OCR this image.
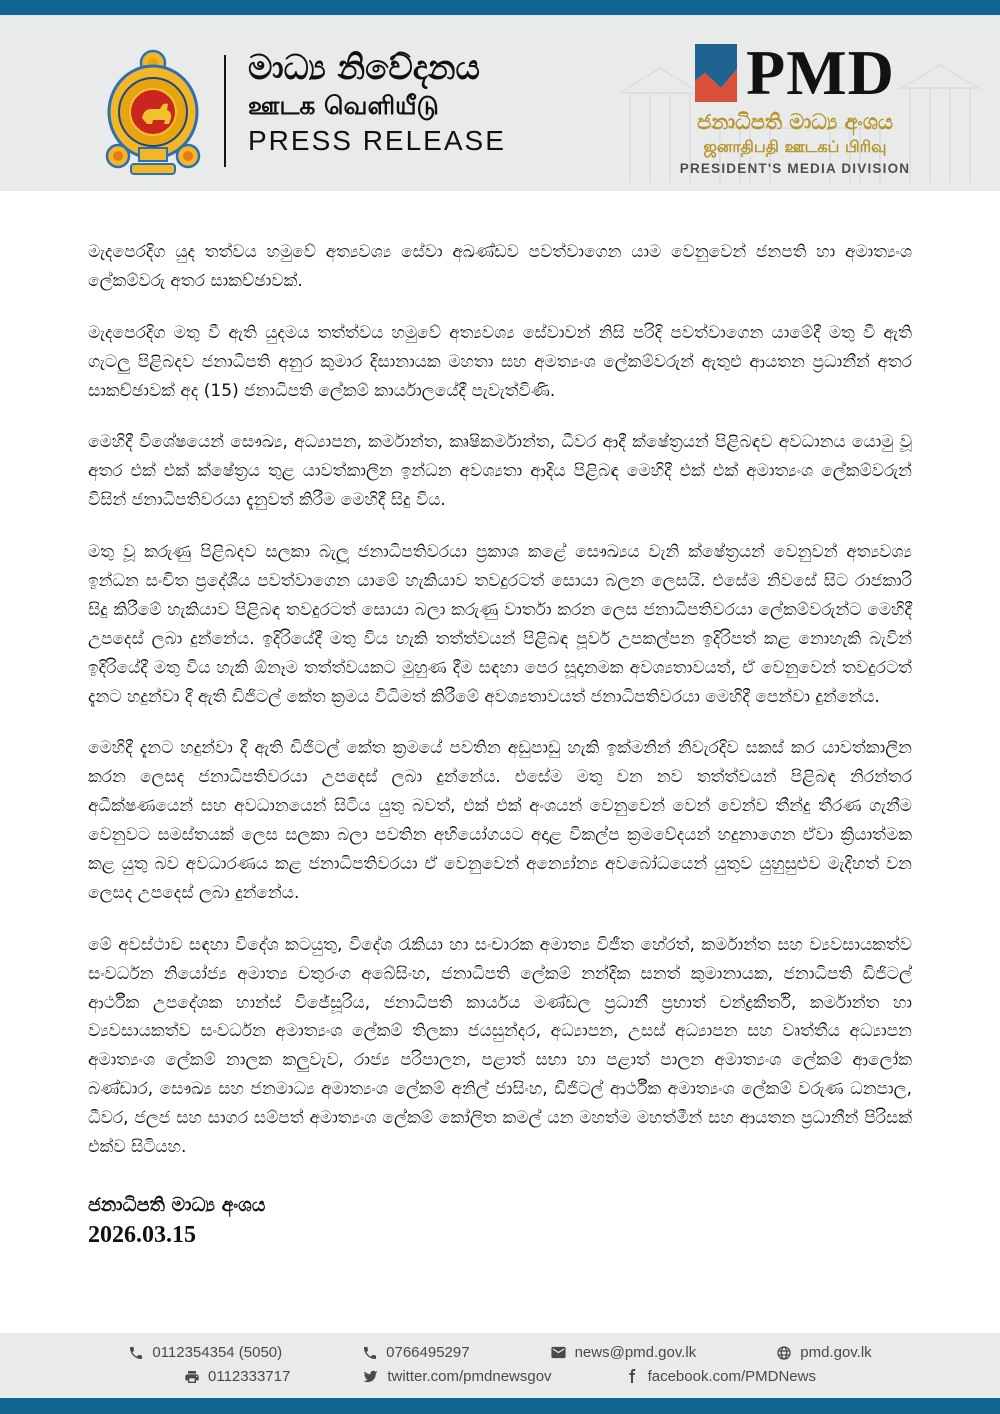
මාධ්‍ය නිවේදනය
ஊடக வெளியீடு
PRESS RELEASE
PMD
ජනාධිපති මාධ්‍ය අංශය
ஜனாதிபதி ஊடகப் பிரிவு
PRESIDENT'S MEDIA DIVISION

මැදපෙරදිග යුද තත්වය හමුවේ අත්‍යවශ්‍ය සේවා අඛණ්ඩව පවත්වාගෙන යාම වෙනුවෙන් ජනපති හා අමාත්‍යංශ ලේකම්වරු අතර සාකච්ඡාවක්.

මැදපෙරදිග මතු වී ඇති යුදමය තත්ත්වය හමුවේ අත්‍යවශ්‍ය සේවාවන් නිසි පරිදි පවත්වාගෙන යාමේදී මතු වී ඇති ගැටලු පිළිබදව ජනාධිපති අනුර කුමාර දිසානායක මහතා සහ අමත්‍යංශ ලේකම්වරුන් ඇතුළු ආයතන ප්‍රධානීන් අතර සාකච්ඡාවක් අද (15) ජනාධිපති ලේකම් කාර්යාලයේදී පැවැත්විණි.

මෙහිදී විශේෂයෙන් සෞඛ්‍ය, අධ්‍යාපන, කර්මාන්ත, කෘෂිකර්මාන්ත, ධීවර ආදී ක්ෂේත්‍රයන් පිළිබඳව අවධානය යොමු වූ අතර එක් එක් ක්ෂේත්‍රය තුළ යාවත්කාලීන ඉන්ධන අවශ්‍යතා ආදිය පිළිබඳ මෙහිදී එක් එක් අමාත්‍යංශ ලේකම්වරුන් විසින් ජනාධිපතිවරයා දැනුවත් කිරීම මෙහිදී සිදු විය.

මතු වූ කරුණු පිළිබදව සලකා බැලූ ජනාධිපතිවරයා ප්‍රකාශ කළේ සෞඛ්‍යය වැනි ක්ෂේත්‍රයන් වෙනුවන් අත්‍යවශ්‍ය ඉන්ධන සංචිත ප්‍රදේශීය පවත්වාගෙන යාමේ හැකියාව තවදුරටත් සොයා බලන ලෙසයි. එසේම නිවසේ සිට රාජකාරි සිදු කිරීමේ හැකියාව පිළිබඳ තවදුරටත් සොයා බලා කරුණු වාර්තා කරන ලෙස ජනාධිපතිවරයා ලේකම්වරුන්ට මෙහිදී උපදෙස් ලබා දුන්නේය. ඉදිරියේදී මතු විය හැකි තත්ත්වයන් පිළිබඳ පූර්ව උපකල්පන ඉදිරිපත් කළ නොහැකි බැවින් ඉදිරියේදී මතු විය හැකි ඕනෑම තත්ත්වයකට මුහුණ දීම සඳහා පෙර සූදානමක අවශ්‍යතාවයත්, ඒ වෙනුවෙන් තවදුරටත් දැනට හදුන්වා දී ඇති ඩිජිටල් කේත ක්‍රමය විධිමත් කිරීමේ අවශ්‍යතාවයත් ජනාධිපතිවරයා මෙහිදී පෙන්වා දුන්නේය.

මෙහිදී දැනට හදුන්වා දී ඇති ඩිජිටල් කේත ක්‍රමයේ පවතින අඩුපාඩු හැකි ඉක්මනින් නිවැරදිව සකස් කර යාවත්කාලීන කරන ලෙසද ජනාධිපතිවරයා උපදෙස් ලබා දුන්නේය. එසේම මතු වන නව තත්ත්වයන් පිළිබඳ නිරන්තර අධීක්ෂණයෙන් සහ අවධානයෙන් සිටිය යුතු බවත්, එක් එක් අංශයන් වෙනුවෙන් වෙන් වෙන්ව තීන්දු තීරණ ගැනීම වෙනුවට සමස්තයක් ලෙස සලකා බලා පවතින අභියෝගයට අදාළ විකල්ප ක්‍රමවේදයන් හදුනාගෙන ඒවා ක්‍රියාත්මක කළ යුතු බව අවධාරණය කළ ජනාධිපතිවරයා ඒ වෙනුවෙන් අන්‍යෝන්‍ය අවබෝධයෙන් යුතුව යුහුසුළුව මැදිහත් වන ලෙසද උපදෙස් ලබා දුන්නේය.

මේ අවස්ථාව සඳහා විදේශ කටයුතු, විදේශ රැකියා හා සංචාරක අමාත්‍ය විජීත හේරත්, කර්මාන්ත සහ ව්‍යවසායකත්ව සංවර්ධන නියෝජ්‍ය අමාත්‍ය චතුරංග අබේසිංහ, ජනාධිපති ලේකම් නන්දික සනත් කුමානායක, ජනාධිපති ඩිජිටල් ආර්ථීක උපදේශක හාන්ස් විජේසූරිය, ජනාධිපති කාර්යය මණ්ඩල ප්‍රධානී ප්‍රභාත් චන්ද්‍රකීර්ති, කර්මාන්ත හා ව්‍යවසායකත්ව සංවර්ධන අමාත්‍යංශ ලේකම් තිලකා ජයසුන්දර, අධ්‍යාපන, උසස් අධ්‍යාපන සහ වෘත්තීය අධ්‍යාපන අමාත්‍යංශ ලේකම් නාලක කලුවැව, රාජ්‍ය පරිපාලන, පළාත් සභා හා පළාත් පාලන අමාත්‍යංශ ලේකම් ආලෝක බණ්ඩාර, සෞඛ්‍ය සහ ජනමාධ්‍ය අමාත්‍යංශ ලේකම් අනිල් ජාසිංහ, ඩිජිටල් ආර්ථීක අමාත්‍යංශ ලේකම් වරුණ ධනපාල, ධීවර, ජලජ සහ සාගර සම්පත් අමාත්‍යංශ ලේකම් කෝලිත කමල් යන මහත්ම මහත්මීන් සහ ආයතන ප්‍රධානීන් පිරිසක් එක්ව සිටියහ.

ජනාධිපති මාධ්‍ය අංශය
2026.03.15
0112354354 (5050)	0766495297	news@pmd.gov.lk	pmd.gov.lk
0112333717	twitter.com/pmdnewsgov	facebook.com/PMDNews
